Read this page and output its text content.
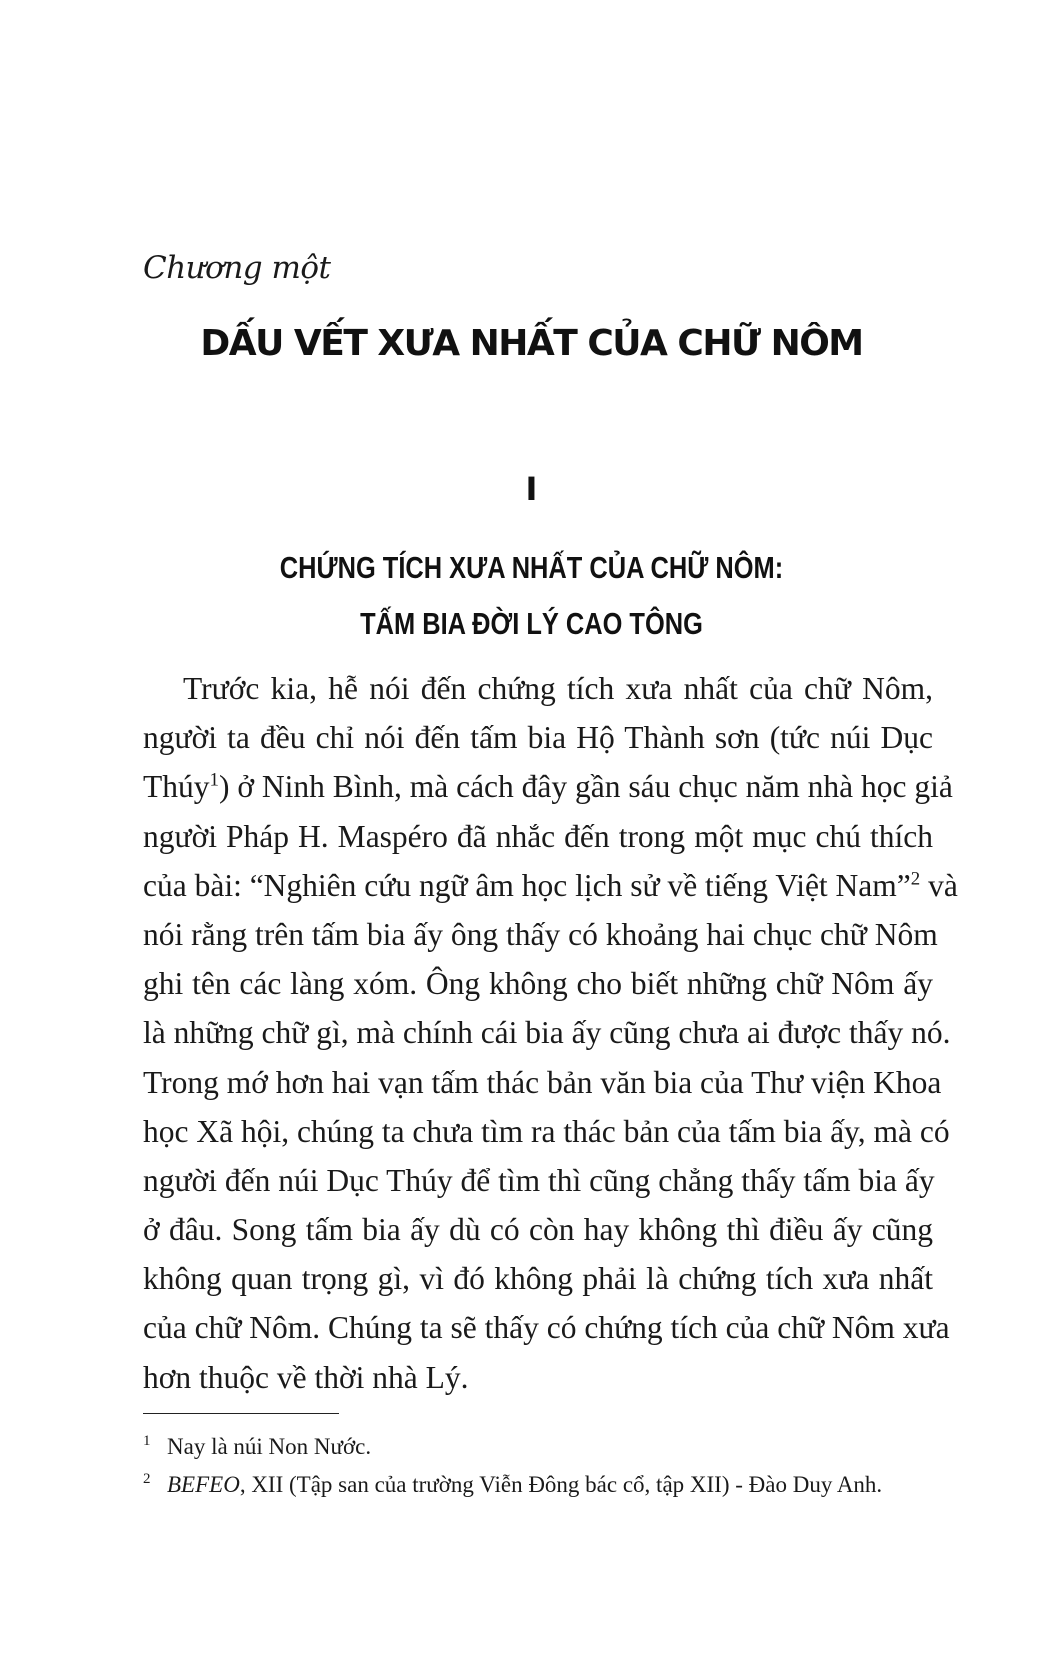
Chương một
DẤU VẾT XƯA NHẤT CỦA CHỮ NÔM
I
CHỨNG TÍCH XƯA NHẤT CỦA CHỮ NÔM:
TẤM BIA ĐỜI LÝ CAO TÔNG
Trước kia, hễ nói đến chứng tích xưa nhất của chữ Nôm,
người ta đều chỉ nói đến tấm bia Hộ Thành sơn (tức núi Dục
Thúy$^1$) ở Ninh Bình, mà cách đây gần sáu chục năm nhà học giả
người Pháp H. Maspéro đã nhắc đến trong một mục chú thích
của bài: “Nghiên cứu ngữ âm học lịch sử về tiếng Việt Nam”$^2$ và
nói rằng trên tấm bia ấy ông thấy có khoảng hai chục chữ Nôm
ghi tên các làng xóm. Ông không cho biết những chữ Nôm ấy
là những chữ gì, mà chính cái bia ấy cũng chưa ai được thấy nó.
Trong mớ hơn hai vạn tấm thác bản văn bia của Thư viện Khoa
học Xã hội, chúng ta chưa tìm ra thác bản của tấm bia ấy, mà có
người đến núi Dục Thúy để tìm thì cũng chẳng thấy tấm bia ấy
ở đâu. Song tấm bia ấy dù có còn hay không thì điều ấy cũng
không quan trọng gì, vì đó không phải là chứng tích xưa nhất
của chữ Nôm. Chúng ta sẽ thấy có chứng tích của chữ Nôm xưa
hơn thuộc về thời nhà Lý.
1 Nay là núi Non Nước.
2 BEFEO, XII (Tập san của trường Viễn Đông bác cổ, tập XII) - Đào Duy Anh.
